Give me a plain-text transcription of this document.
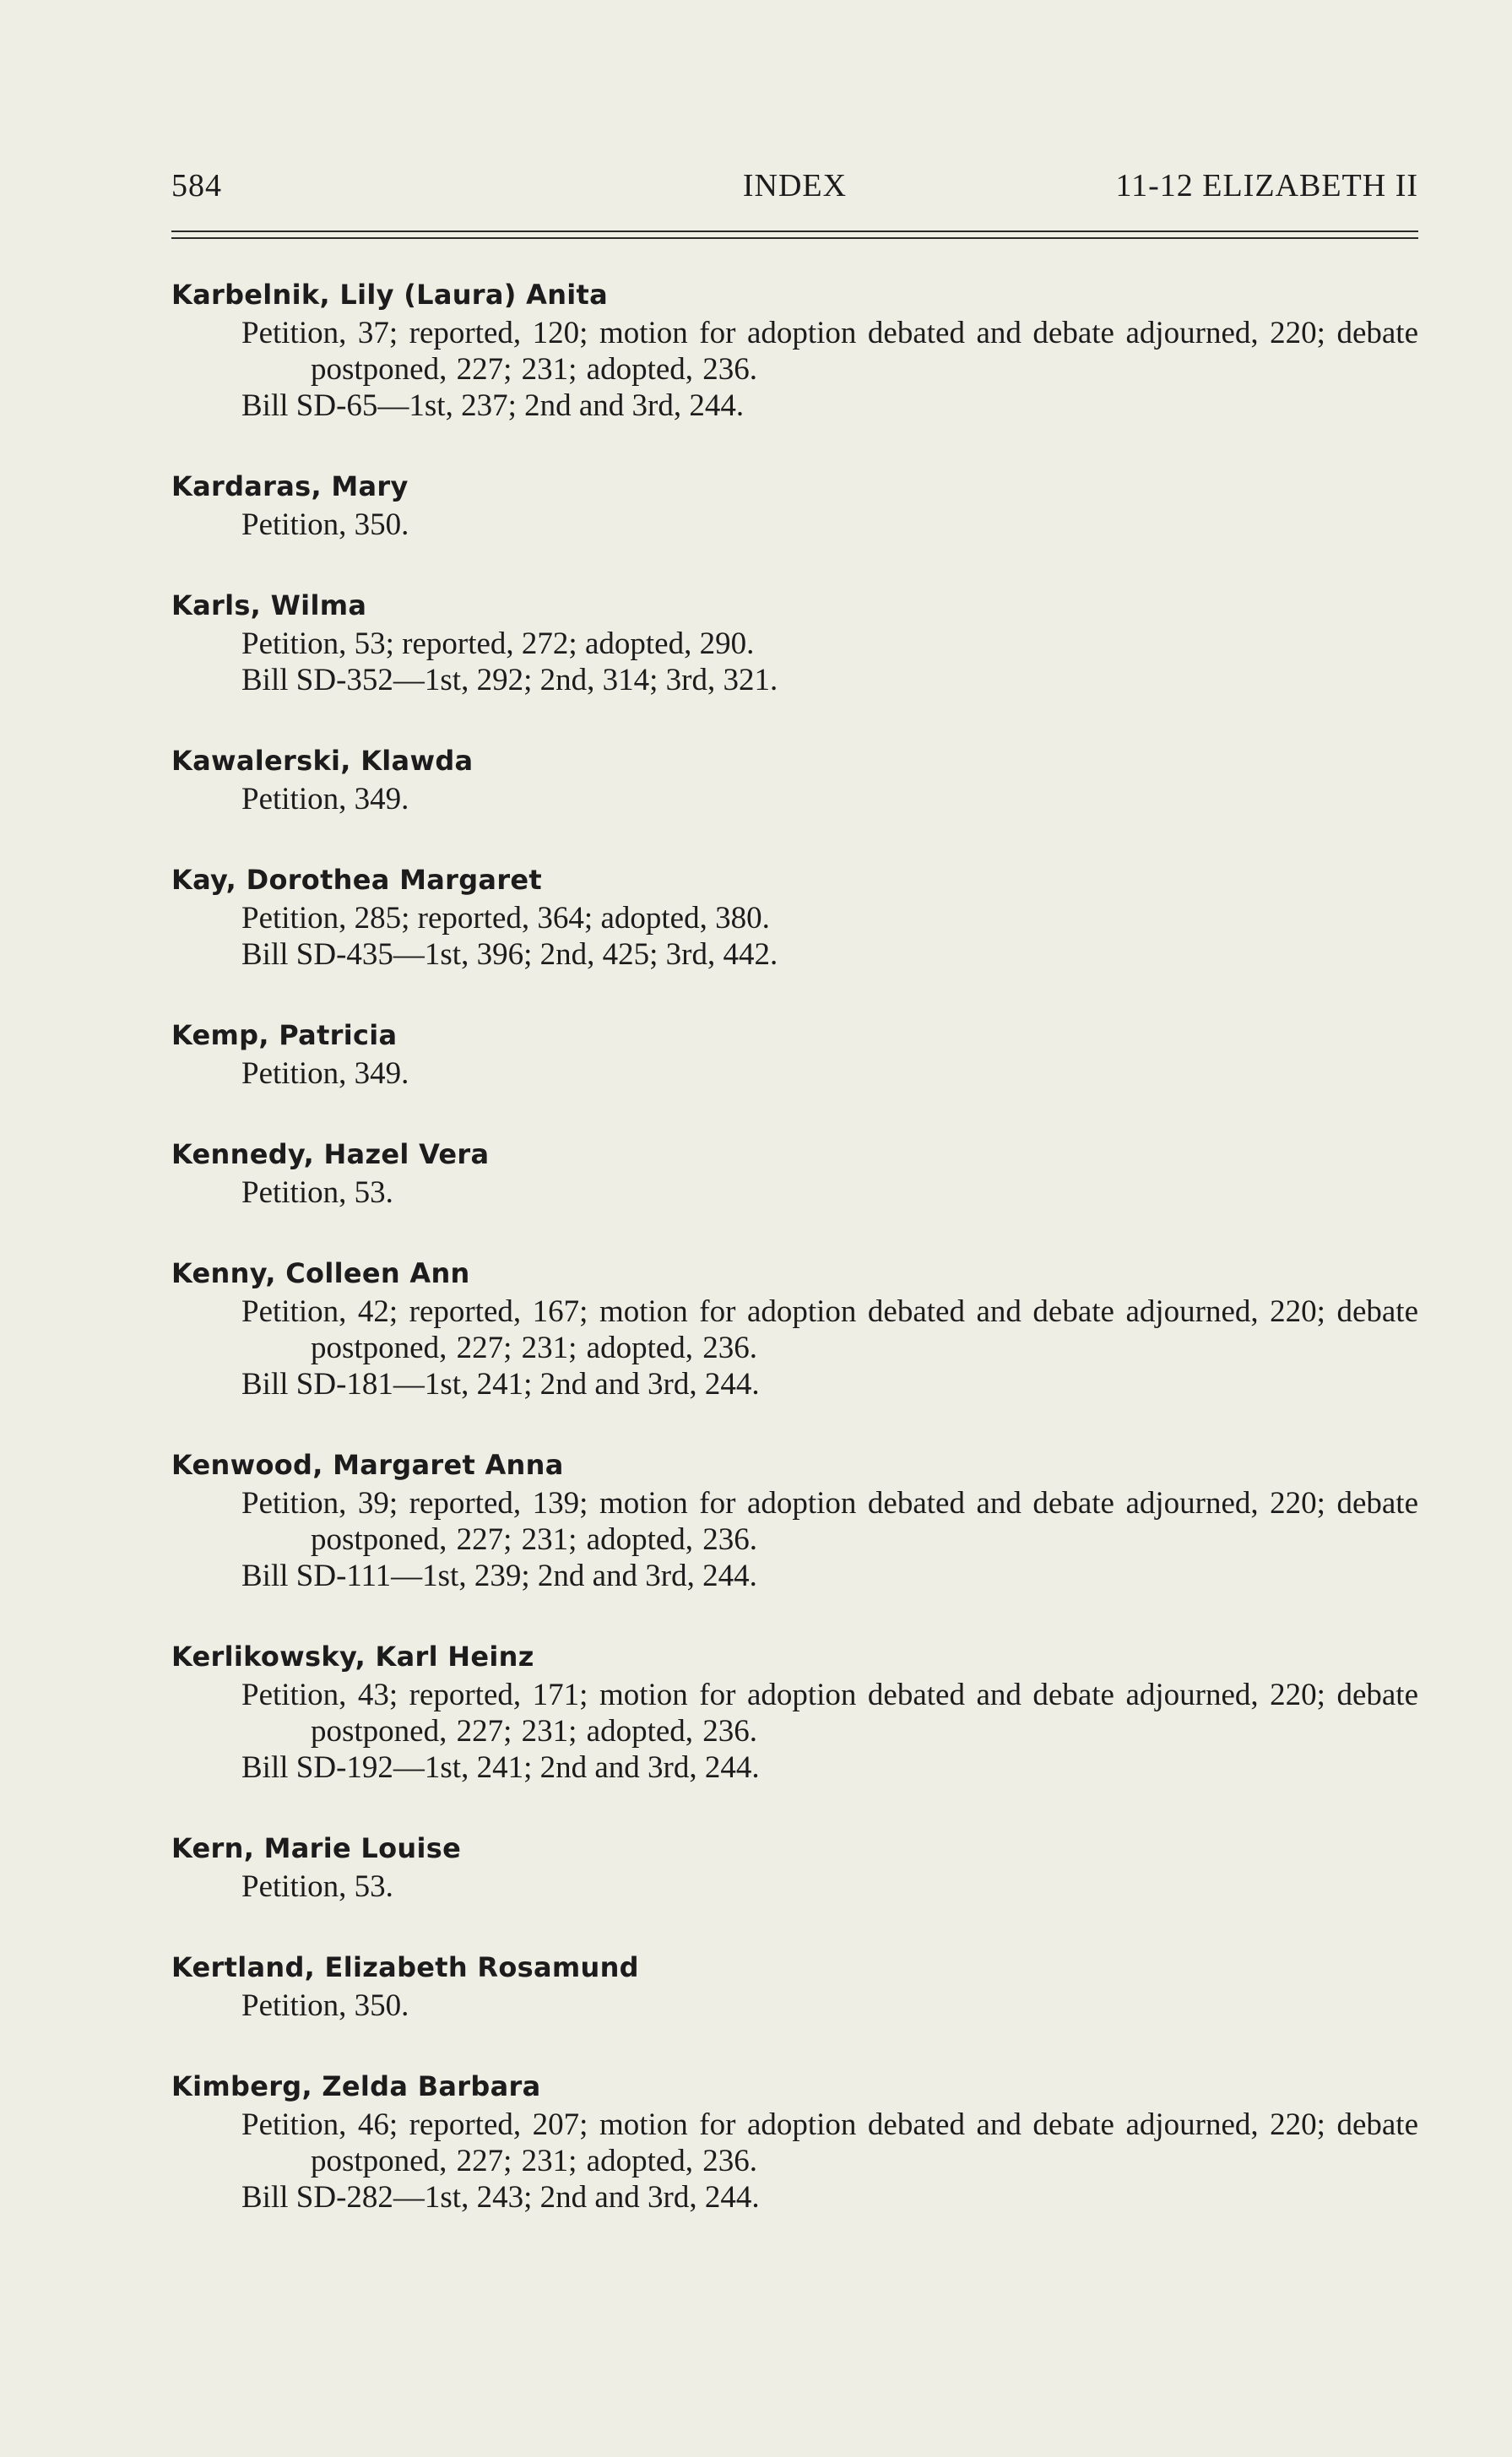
584	INDEX	11-12 ELIZABETH II
Karbelnik, Lily (Laura) Anita
Petition, 37; reported, 120; motion for adoption debated and debate adjourned, 220; debate postponed, 227; 231; adopted, 236.
Bill SD-65—1st, 237; 2nd and 3rd, 244.
Kardaras, Mary
Petition, 350.
Karls, Wilma
Petition, 53; reported, 272; adopted, 290.
Bill SD-352—1st, 292; 2nd, 314; 3rd, 321.
Kawalerski, Klawda
Petition, 349.
Kay, Dorothea Margaret
Petition, 285; reported, 364; adopted, 380.
Bill SD-435—1st, 396; 2nd, 425; 3rd, 442.
Kemp, Patricia
Petition, 349.
Kennedy, Hazel Vera
Petition, 53.
Kenny, Colleen Ann
Petition, 42; reported, 167; motion for adoption debated and debate adjourned, 220; debate postponed, 227; 231; adopted, 236.
Bill SD-181—1st, 241; 2nd and 3rd, 244.
Kenwood, Margaret Anna
Petition, 39; reported, 139; motion for adoption debated and debate adjourned, 220; debate postponed, 227; 231; adopted, 236.
Bill SD-111—1st, 239; 2nd and 3rd, 244.
Kerlikowsky, Karl Heinz
Petition, 43; reported, 171; motion for adoption debated and debate adjourned, 220; debate postponed, 227; 231; adopted, 236.
Bill SD-192—1st, 241; 2nd and 3rd, 244.
Kern, Marie Louise
Petition, 53.
Kertland, Elizabeth Rosamund
Petition, 350.
Kimberg, Zelda Barbara
Petition, 46; reported, 207; motion for adoption debated and debate adjourned, 220; debate postponed, 227; 231; adopted, 236.
Bill SD-282—1st, 243; 2nd and 3rd, 244.
